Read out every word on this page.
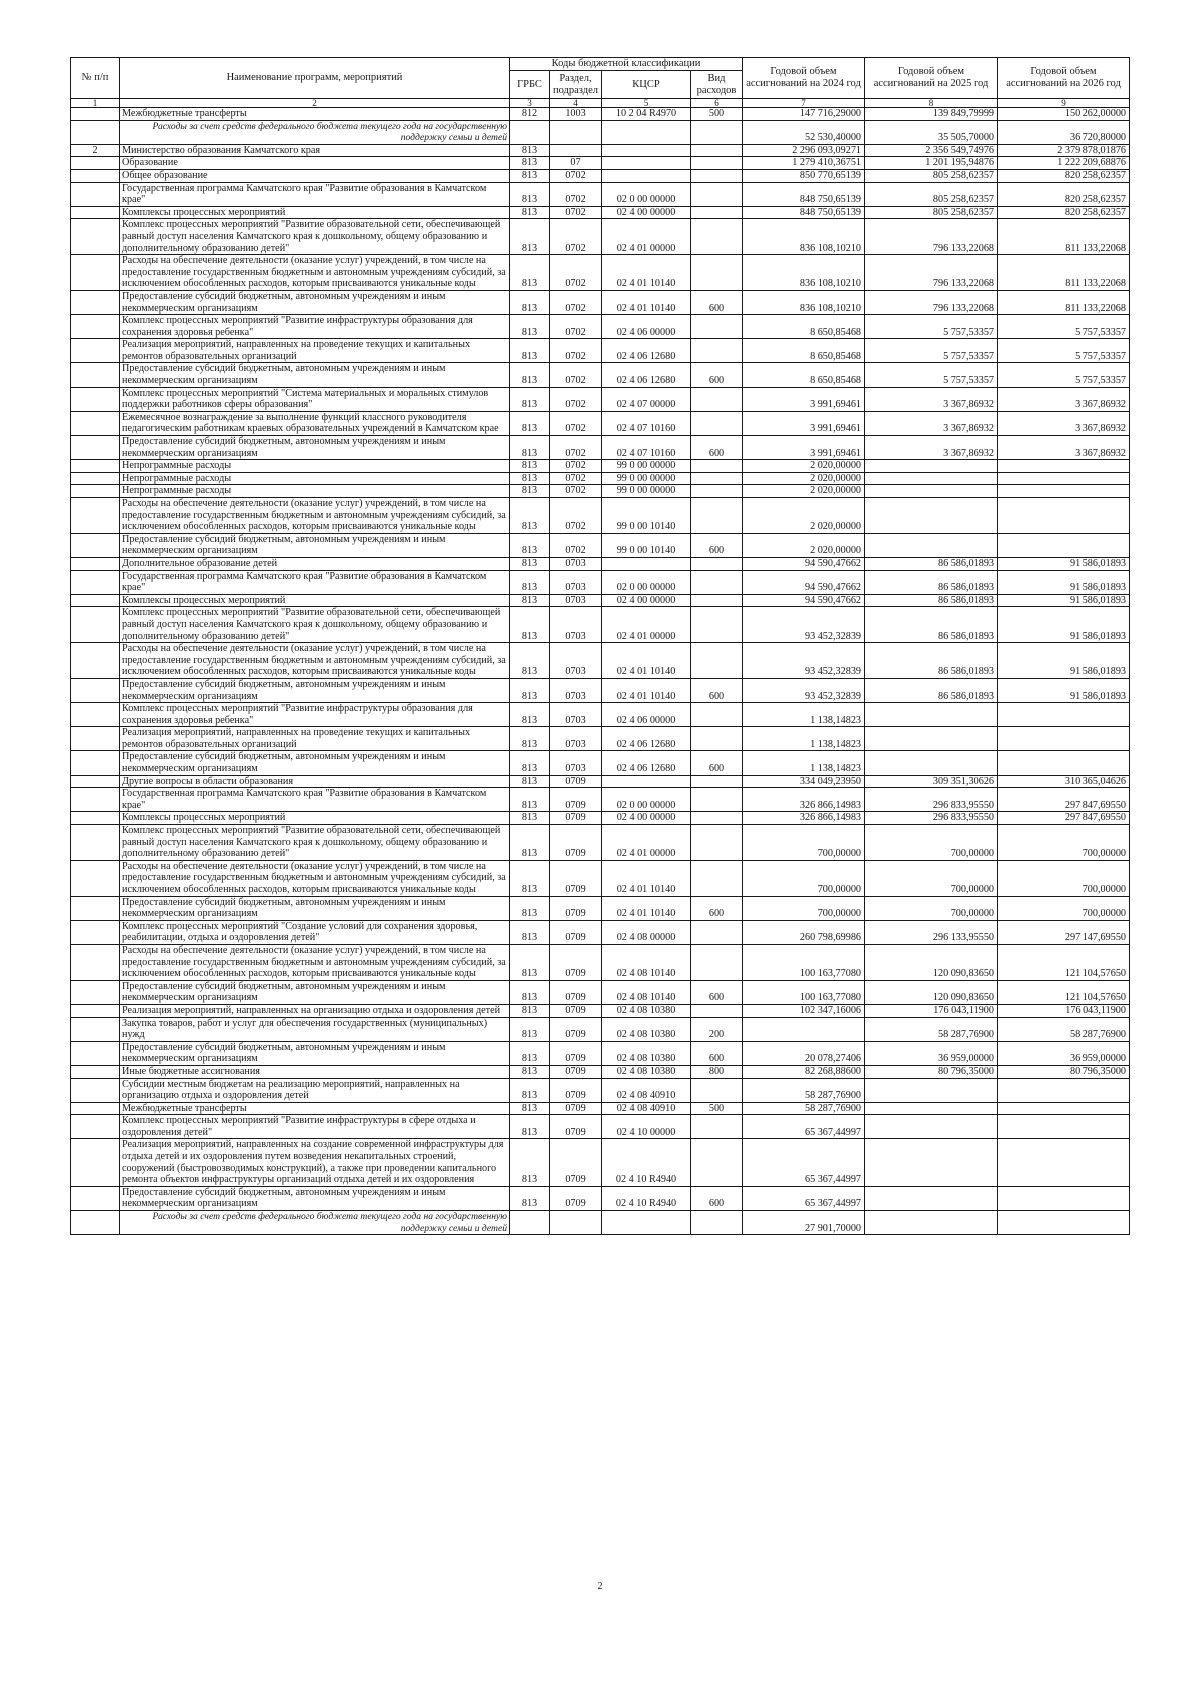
№ п/п	Наименование программ, мероприятий	Коды бюджетной классификации				Годовой объем ассигнований на 2024 год	Годовой объем ассигнований на 2025 год	Годовой объем ассигнований на 2026 год
		ГРБС	Раздел, подраздел	КЦСР	Вид расходов			
1	2	3	4	5	6	7	8	9
	Межбюджетные трансферты	812	1003	10 2 04 R4970	500	147 716,29000	139 849,79999	150 262,00000
	Расходы за счет средств федерального бюджета текущего года на государственную поддержку семьи и детей					52 530,40000	35 505,70000	36 720,80000
2	Министерство образования Камчатского края	813				2 296 093,09271	2 356 549,74976	2 379 878,01876
	Образование	813	07			1 279 410,36751	1 201 195,94876	1 222 209,68876
	Общее образование	813	0702			850 770,65139	805 258,62357	820 258,62357
	Государственная программа Камчатского края "Развитие образования в Камчатском крае"	813	0702	02 0 00 00000		848 750,65139	805 258,62357	820 258,62357
	Комплексы процессных мероприятий	813	0702	02 4 00 00000		848 750,65139	805 258,62357	820 258,62357
	Комплекс процессных мероприятий "Развитие образовательной сети, обеспечивающей равный доступ населения Камчатского края к дошкольному, общему образованию и дополнительному образованию детей"	813	0702	02 4 01 00000		836 108,10210	796 133,22068	811 133,22068
	Расходы на обеспечение деятельности (оказание услуг) учреждений, в том числе на предоставление государственным бюджетным и автономным учреждениям субсидий, за исключением обособленных расходов, которым присваиваются уникальные коды	813	0702	02 4 01 10140		836 108,10210	796 133,22068	811 133,22068
	Предоставление субсидий бюджетным, автономным учреждениям и иным некоммерческим организациям	813	0702	02 4 01 10140	600	836 108,10210	796 133,22068	811 133,22068
	Комплекс процессных мероприятий "Развитие инфраструктуры образования для сохранения здоровья ребенка"	813	0702	02 4 06 00000		8 650,85468	5 757,53357	5 757,53357
	Реализация мероприятий, направленных на проведение текущих и капитальных ремонтов образовательных организаций	813	0702	02 4 06 12680		8 650,85468	5 757,53357	5 757,53357
	Предоставление субсидий бюджетным, автономным учреждениям и иным некоммерческим организациям	813	0702	02 4 06 12680	600	8 650,85468	5 757,53357	5 757,53357
	Комплекс процессных мероприятий "Система материальных и моральных стимулов поддержки работников сферы образования"	813	0702	02 4 07 00000		3 991,69461	3 367,86932	3 367,86932
	Ежемесячное вознаграждение за выполнение функций классного руководителя педагогическим работникам краевых образовательных учреждений в Камчатском крае	813	0702	02 4 07 10160		3 991,69461	3 367,86932	3 367,86932
	Предоставление субсидий бюджетным, автономным учреждениям и иным некоммерческим организациям	813	0702	02 4 07 10160	600	3 991,69461	3 367,86932	3 367,86932
	Непрограммные расходы	813	0702	99 0 00 00000		2 020,00000		
	Непрограммные расходы	813	0702	99 0 00 00000		2 020,00000		
	Непрограммные расходы	813	0702	99 0 00 00000		2 020,00000		
	Расходы на обеспечение деятельности (оказание услуг) учреждений, в том числе на предоставление государственным бюджетным и автономным учреждениям субсидий, за исключением обособленных расходов, которым присваиваются уникальные коды	813	0702	99 0 00 10140		2 020,00000		
	Предоставление субсидий бюджетным, автономным учреждениям и иным некоммерческим организациям	813	0702	99 0 00 10140	600	2 020,00000		
	Дополнительное образование детей	813	0703			94 590,47662	86 586,01893	91 586,01893
	Государственная программа Камчатского края "Развитие образования в Камчатском крае"	813	0703	02 0 00 00000		94 590,47662	86 586,01893	91 586,01893
	Комплексы процессных мероприятий	813	0703	02 4 00 00000		94 590,47662	86 586,01893	91 586,01893
	Комплекс процессных мероприятий "Развитие образовательной сети, обеспечивающей равный доступ населения Камчатского края к дошкольному, общему образованию и дополнительному образованию детей"	813	0703	02 4 01 00000		93 452,32839	86 586,01893	91 586,01893
	Расходы на обеспечение деятельности (оказание услуг) учреждений, в том числе на предоставление государственным бюджетным и автономным учреждениям субсидий, за исключением обособленных расходов, которым присваиваются уникальные коды	813	0703	02 4 01 10140		93 452,32839	86 586,01893	91 586,01893
	Предоставление субсидий бюджетным, автономным учреждениям и иным некоммерческим организациям	813	0703	02 4 01 10140	600	93 452,32839	86 586,01893	91 586,01893
	Комплекс процессных мероприятий "Развитие инфраструктуры образования для сохранения здоровья ребенка"	813	0703	02 4 06 00000		1 138,14823		
	Реализация мероприятий, направленных на проведение текущих и капитальных ремонтов образовательных организаций	813	0703	02 4 06 12680		1 138,14823		
	Предоставление субсидий бюджетным, автономным учреждениям и иным некоммерческим организациям	813	0703	02 4 06 12680	600	1 138,14823		
	Другие вопросы в области образования	813	0709			334 049,23950	309 351,30626	310 365,04626
	Государственная программа Камчатского края "Развитие образования в Камчатском крае"	813	0709	02 0 00 00000		326 866,14983	296 833,95550	297 847,69550
	Комплексы процессных мероприятий	813	0709	02 4 00 00000		326 866,14983	296 833,95550	297 847,69550
	Комплекс процессных мероприятий "Развитие образовательной сети, обеспечивающей равный доступ населения Камчатского края к дошкольному, общему образованию и дополнительному образованию детей"	813	0709	02 4 01 00000		700,00000	700,00000	700,00000
	Расходы на обеспечение деятельности (оказание услуг) учреждений, в том числе на предоставление государственным бюджетным и автономным учреждениям субсидий, за исключением обособленных расходов, которым присваиваются уникальные коды	813	0709	02 4 01 10140		700,00000	700,00000	700,00000
	Предоставление субсидий бюджетным, автономным учреждениям и иным некоммерческим организациям	813	0709	02 4 01 10140	600	700,00000	700,00000	700,00000
	Комплекс процессных мероприятий "Создание условий для сохранения здоровья, реабилитации, отдыха и оздоровления детей"	813	0709	02 4 08 00000		260 798,69986	296 133,95550	297 147,69550
	Расходы на обеспечение деятельности (оказание услуг) учреждений, в том числе на предоставление государственным бюджетным и автономным учреждениям субсидий, за исключением обособленных расходов, которым присваиваются уникальные коды	813	0709	02 4 08 10140		100 163,77080	120 090,83650	121 104,57650
	Предоставление субсидий бюджетным, автономным учреждениям и иным некоммерческим организациям	813	0709	02 4 08 10140	600	100 163,77080	120 090,83650	121 104,57650
	Реализация мероприятий, направленных на организацию отдыха и оздоровления детей	813	0709	02 4 08 10380		102 347,16006	176 043,11900	176 043,11900
	Закупка товаров, работ и услуг для обеспечения государственных (муниципальных) нужд	813	0709	02 4 08 10380	200		58 287,76900	58 287,76900
	Предоставление субсидий бюджетным, автономным учреждениям и иным некоммерческим организациям	813	0709	02 4 08 10380	600	20 078,27406	36 959,00000	36 959,00000
	Иные бюджетные ассигнования	813	0709	02 4 08 10380	800	82 268,88600	80 796,35000	80 796,35000
	Субсидии местным бюджетам на реализацию мероприятий, направленных на организацию отдыха и оздоровления детей	813	0709	02 4 08 40910		58 287,76900		
	Межбюджетные трансферты	813	0709	02 4 08 40910	500	58 287,76900		
	Комплекс процессных мероприятий "Развитие инфраструктуры в сфере отдыха и оздоровления детей"	813	0709	02 4 10 00000		65 367,44997		
	Реализация мероприятий, направленных на создание современной инфраструктуры для отдыха детей и их оздоровления путем возведения некапитальных строений, сооружений (быстровозводимых конструкций), а также при проведении капитального ремонта объектов инфраструктуры организаций отдыха детей и их оздоровления	813	0709	02 4 10 R4940		65 367,44997		
	Предоставление субсидий бюджетным, автономным учреждениям и иным некоммерческим организациям	813	0709	02 4 10 R4940	600	65 367,44997		
	Расходы за счет средств федерального бюджета текущего года на государственную поддержку семьи и детей					27 901,70000		
2
